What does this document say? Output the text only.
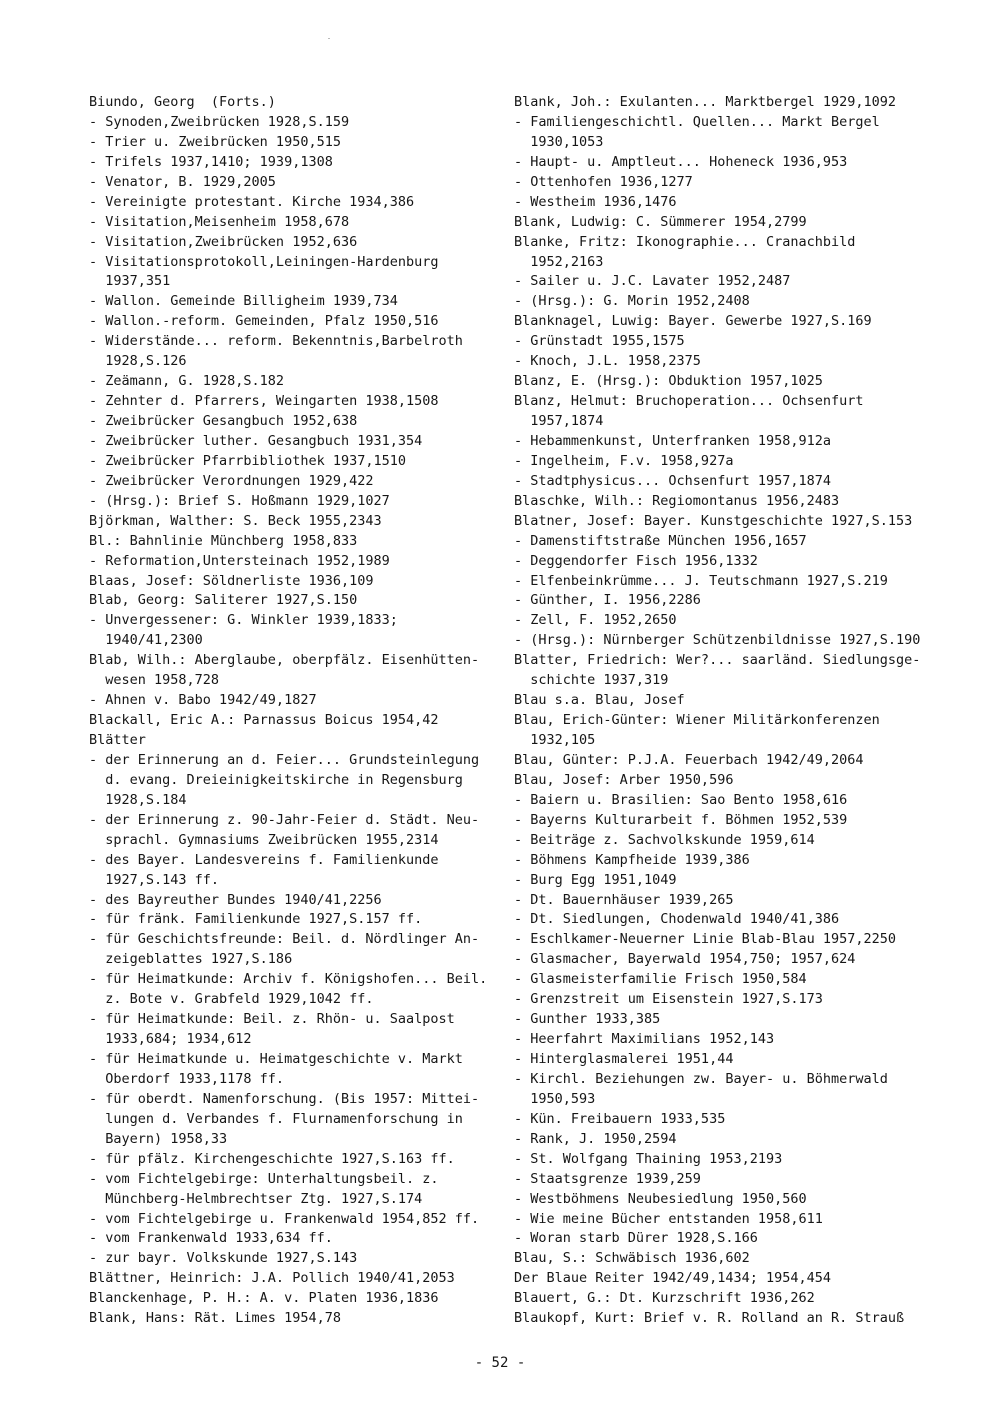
Biundo, Georg  (Forts.)
- Synoden,Zweibrücken 1928,S.159
- Trier u. Zweibrücken 1950,515
- Trifels 1937,1410; 1939,1308
- Venator, B. 1929,2005
- Vereinigte protestant. Kirche 1934,386
- Visitation,Meisenheim 1958,678
- Visitation,Zweibrücken 1952,636
- Visitationsprotokoll,Leiningen-Hardenburg
1937,351
- Wallon. Gemeinde Billigheim 1939,734
- Wallon.-reform. Gemeinden, Pfalz 1950,516
- Widerstände... reform. Bekenntnis,Barbelroth
1928,S.126
- Zeämann, G. 1928,S.182
- Zehnter d. Pfarrers, Weingarten 1938,1508
- Zweibrücker Gesangbuch 1952,638
- Zweibrücker luther. Gesangbuch 1931,354
- Zweibrücker Pfarrbibliothek 1937,1510
- Zweibrücker Verordnungen 1929,422
- (Hrsg.): Brief S. Hoßmann 1929,1027
Björkman, Walther: S. Beck 1955,2343
Bl.: Bahnlinie Münchberg 1958,833
- Reformation,Untersteinach 1952,1989
Blaas, Josef: Söldnerliste 1936,109
Blab, Georg: Saliterer 1927,S.150
- Unvergessener: G. Winkler 1939,1833;
1940/41,2300
Blab, Wilh.: Aberglaube, oberpfälz. Eisenhütten-
wesen 1958,728
- Ahnen v. Babo 1942/49,1827
Blackall, Eric A.: Parnassus Boicus 1954,42
Blätter
- der Erinnerung an d. Feier... Grundsteinlegung
d. evang. Dreieinigkeitskirche in Regensburg
1928,S.184
- der Erinnerung z. 90-Jahr-Feier d. Städt. Neu-
sprachl. Gymnasiums Zweibrücken 1955,2314
- des Bayer. Landesvereins f. Familienkunde
1927,S.143 ff.
- des Bayreuther Bundes 1940/41,2256
- für fränk. Familienkunde 1927,S.157 ff.
- für Geschichtsfreunde: Beil. d. Nördlinger An-
zeigeblattes 1927,S.186
- für Heimatkunde: Archiv f. Königshofen... Beil.
z. Bote v. Grabfeld 1929,1042 ff.
- für Heimatkunde: Beil. z. Rhön- u. Saalpost
1933,684; 1934,612
- für Heimatkunde u. Heimatgeschichte v. Markt
Oberdorf 1933,1178 ff.
- für oberdt. Namenforschung. (Bis 1957: Mittei-
lungen d. Verbandes f. Flurnamenforschung in
Bayern) 1958,33
- für pfälz. Kirchengeschichte 1927,S.163 ff.
- vom Fichtelgebirge: Unterhaltungsbeil. z.
Münchberg-Helmbrechtser Ztg. 1927,S.174
- vom Fichtelgebirge u. Frankenwald 1954,852 ff.
- vom Frankenwald 1933,634 ff.
- zur bayr. Volkskunde 1927,S.143
Blättner, Heinrich: J.A. Pollich 1940/41,2053
Blanckenhage, P. H.: A. v. Platen 1936,1836
Blank, Hans: Rät. Limes 1954,78
Blank, Joh.: Exulanten... Marktbergel 1929,1092
- Familiengeschichtl. Quellen... Markt Bergel
1930,1053
- Haupt- u. Amptleut... Hoheneck 1936,953
- Ottenhofen 1936,1277
- Westheim 1936,1476
Blank, Ludwig: C. Sümmerer 1954,2799
Blanke, Fritz: Ikonographie... Cranachbild
1952,2163
- Sailer u. J.C. Lavater 1952,2487
- (Hrsg.): G. Morin 1952,2408
Blanknagel, Luwig: Bayer. Gewerbe 1927,S.169
- Grünstadt 1955,1575
- Knoch, J.L. 1958,2375
Blanz, E. (Hrsg.): Obduktion 1957,1025
Blanz, Helmut: Bruchoperation... Ochsenfurt
1957,1874
- Hebammenkunst, Unterfranken 1958,912a
- Ingelheim, F.v. 1958,927a
- Stadtphysicus... Ochsenfurt 1957,1874
Blaschke, Wilh.: Regiomontanus 1956,2483
Blatner, Josef: Bayer. Kunstgeschichte 1927,S.153
- Damenstiftstraße München 1956,1657
- Deggendorfer Fisch 1956,1332
- Elfenbeinkrümme... J. Teutschmann 1927,S.219
- Günther, I. 1956,2286
- Zell, F. 1952,2650
- (Hrsg.): Nürnberger Schützenbildnisse 1927,S.190
Blatter, Friedrich: Wer?... saarländ. Siedlungsge-
schichte 1937,319
Blau s.a. Blau, Josef
Blau, Erich-Günter: Wiener Militärkonferenzen
1932,105
Blau, Günter: P.J.A. Feuerbach 1942/49,2064
Blau, Josef: Arber 1950,596
- Baiern u. Brasilien: Sao Bento 1958,616
- Bayerns Kulturarbeit f. Böhmen 1952,539
- Beiträge z. Sachvolkskunde 1959,614
- Böhmens Kampfheide 1939,386
- Burg Egg 1951,1049
- Dt. Bauernhäuser 1939,265
- Dt. Siedlungen, Chodenwald 1940/41,386
- Eschlkamer-Neuerner Linie Blab-Blau 1957,2250
- Glasmacher, Bayerwald 1954,750; 1957,624
- Glasmeisterfamilie Frisch 1950,584
- Grenzstreit um Eisenstein 1927,S.173
- Gunther 1933,385
- Heerfahrt Maximilians 1952,143
- Hinterglasmalerei 1951,44
- Kirchl. Beziehungen zw. Bayer- u. Böhmerwald
1950,593
- Kün. Freibauern 1933,535
- Rank, J. 1950,2594
- St. Wolfgang Thaining 1953,2193
- Staatsgrenze 1939,259
- Westböhmens Neubesiedlung 1950,560
- Wie meine Bücher entstanden 1958,611
- Woran starb Dürer 1928,S.166
Blau, S.: Schwäbisch 1936,602
Der Blaue Reiter 1942/49,1434; 1954,454
Blauert, G.: Dt. Kurzschrift 1936,262
Blaukopf, Kurt: Brief v. R. Rolland an R. Strauß
- 52 -
